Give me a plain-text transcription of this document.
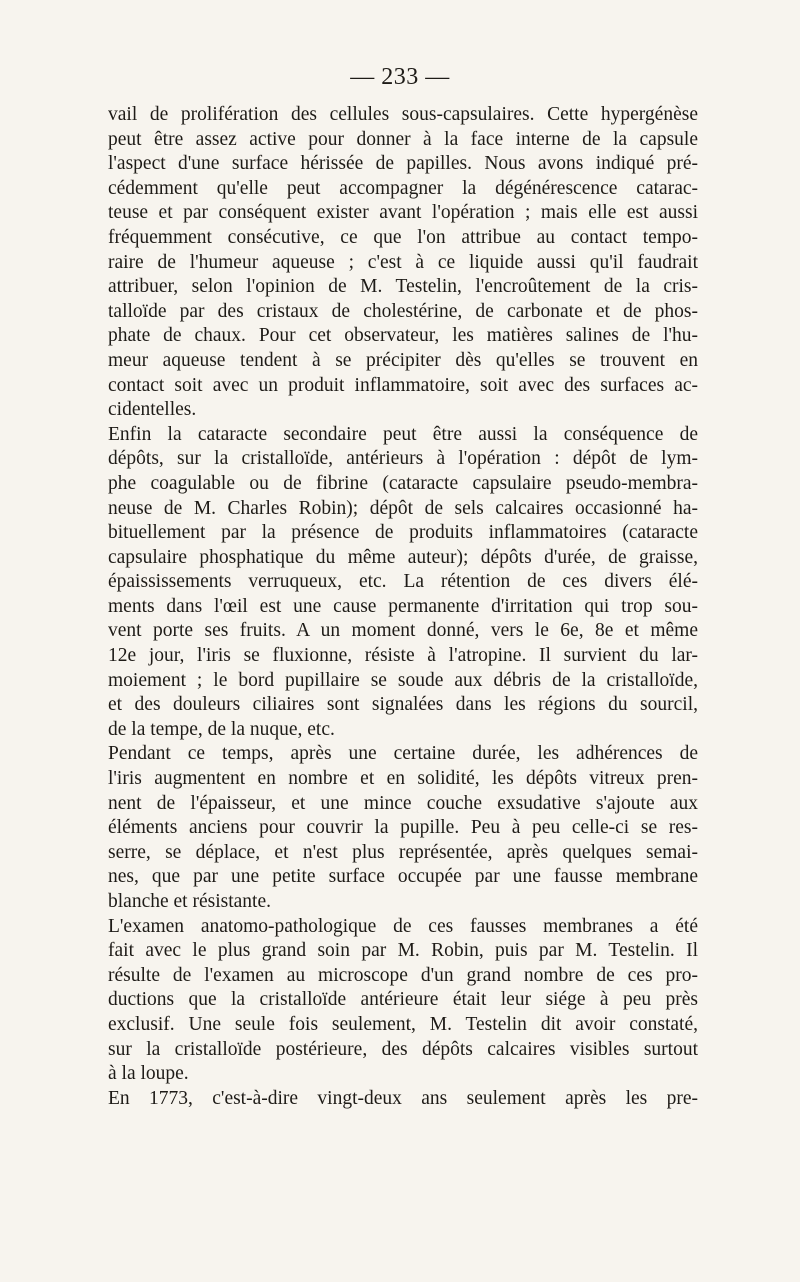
— 233 —
vail de prolifération des cellules sous-capsulaires. Cette hypergénèse
peut être assez active pour donner à la face interne de la capsule
l'aspect d'une surface hérissée de papilles. Nous avons indiqué pré-
cédemment qu'elle peut accompagner la dégénérescence catarac-
teuse et par conséquent exister avant l'opération ; mais elle est aussi
fréquemment consécutive, ce que l'on attribue au contact tempo-
raire de l'humeur aqueuse ; c'est à ce liquide aussi qu'il faudrait
attribuer, selon l'opinion de M. Testelin, l'encroûtement de la cris-
talloïde par des cristaux de cholestérine, de carbonate et de phos-
phate de chaux. Pour cet observateur, les matières salines de l'hu-
meur aqueuse tendent à se précipiter dès qu'elles se trouvent en
contact soit avec un produit inflammatoire, soit avec des surfaces ac-
cidentelles.
Enfin la cataracte secondaire peut être aussi la conséquence de
dépôts, sur la cristalloïde, antérieurs à l'opération : dépôt de lym-
phe coagulable ou de fibrine (cataracte capsulaire pseudo-membra-
neuse de M. Charles Robin); dépôt de sels calcaires occasionné ha-
bituellement par la présence de produits inflammatoires (cataracte
capsulaire phosphatique du même auteur); dépôts d'urée, de graisse,
épaississements verruqueux, etc. La rétention de ces divers élé-
ments dans l'œil est une cause permanente d'irritation qui trop sou-
vent porte ses fruits. A un moment donné, vers le 6e, 8e et même
12e jour, l'iris se fluxionne, résiste à l'atropine. Il survient du lar-
moiement ; le bord pupillaire se soude aux débris de la cristalloïde,
et des douleurs ciliaires sont signalées dans les régions du sourcil,
de la tempe, de la nuque, etc.
Pendant ce temps, après une certaine durée, les adhérences de
l'iris augmentent en nombre et en solidité, les dépôts vitreux pren-
nent de l'épaisseur, et une mince couche exsudative s'ajoute aux
éléments anciens pour couvrir la pupille. Peu à peu celle-ci se res-
serre, se déplace, et n'est plus représentée, après quelques semai-
nes, que par une petite surface occupée par une fausse membrane
blanche et résistante.
L'examen anatomo-pathologique de ces fausses membranes a été
fait avec le plus grand soin par M. Robin, puis par M. Testelin. Il
résulte de l'examen au microscope d'un grand nombre de ces pro-
ductions que la cristalloïde antérieure était leur siége à peu près
exclusif. Une seule fois seulement, M. Testelin dit avoir constaté,
sur la cristalloïde postérieure, des dépôts calcaires visibles surtout
à la loupe.
En 1773, c'est-à-dire vingt-deux ans seulement après les pre-
